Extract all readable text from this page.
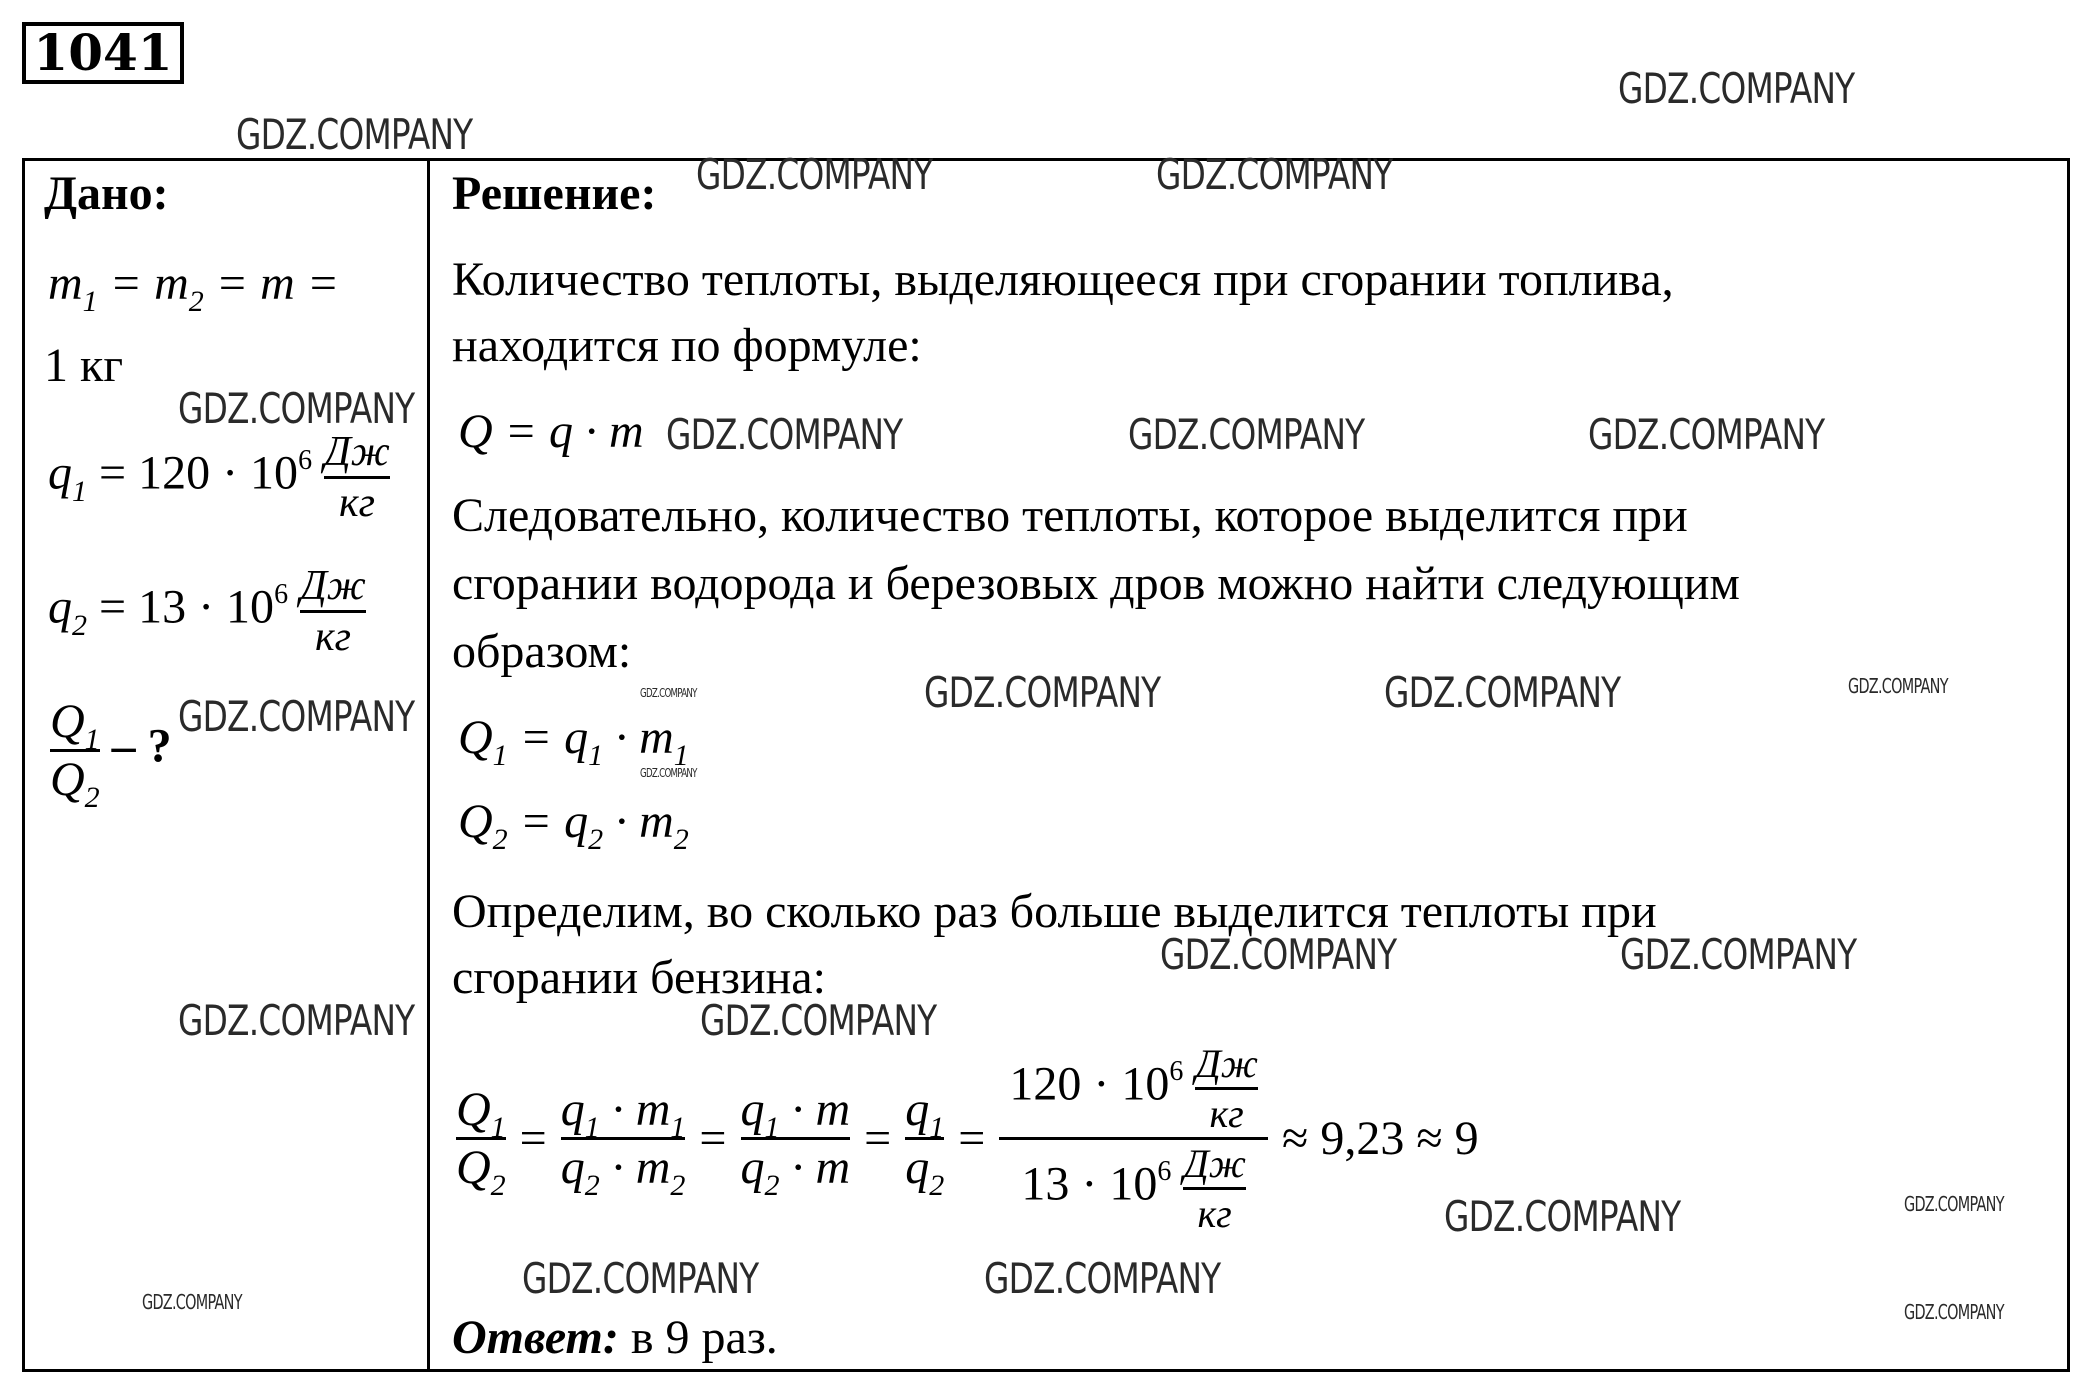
1041
Дано:
$m_1 = m_2 = m$ =
1 кг
$q_1 = 120 \cdot 10^6 \frac{Дж}{кг}$
$q_2 = 13 \cdot 10^6 \frac{Дж}{кг}$
$\frac{Q_1}{Q_2}$ – ?
Решение:
Количество теплоты, выделяющееся при сгорании топлива,
находится по формуле:
Q = q · m
Следовательно, количество теплоты, которое выделится при
сгорании водорода и березовых дров можно найти следующим
образом:
$Q_1 = q_1 \cdot m_1$
$Q_2 = q_2 \cdot m_2$
Определим, во сколько раз больше выделится теплоты при
сгорании бензина:
$\frac{Q_1}{Q_2} = \frac{q_1 \cdot m_1}{q_2 \cdot m_2} = \frac{q_1 \cdot m}{q_2 \cdot m} = \frac{q_1}{q_2} = \frac{120 \cdot 10^6 \frac{Дж}{кг}}{13 \cdot 10^6 \frac{Дж}{кг}} \approx 9,23 \approx 9$
Ответ: в 9 раз.
GDZ.COMPANY
GDZ.COMPANY
GDZ.COMPANY	GDZ.COMPANY
GDZ.COMPANY
GDZ.COMPANY	GDZ.COMPANY	GDZ.COMPANY
GDZ.COMPANY	GDZ.COMPANY	GDZ.COMPANY	GDZ.COMPANY
GDZ.COMPANY
GDZ.COMPANY
GDZ.COMPANY	GDZ.COMPANY
GDZ.COMPANY	GDZ.COMPANY
GDZ.COMPANY	GDZ.COMPANY
GDZ.COMPANY	GDZ.COMPANY
GDZ.COMPANY	GDZ.COMPANY
